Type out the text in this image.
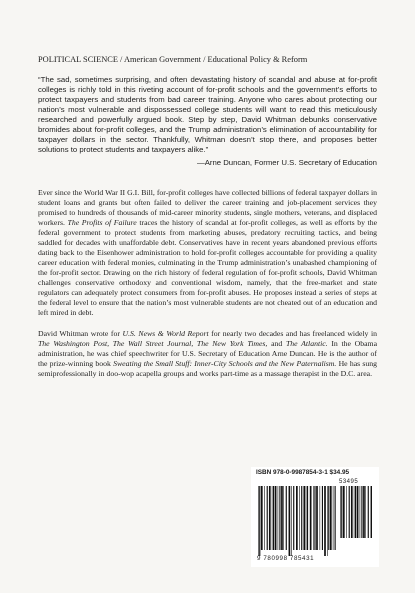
POLITICAL SCIENCE / American Government / Educational Policy & Reform

“The sad, sometimes surprising, and often devastating history of scandal and abuse at for-profit colleges is richly told in this riveting account of for-profit schools and the government’s efforts to protect taxpayers and students from bad career training. Anyone who cares about protecting our nation’s most vulnerable and dispossessed college students will want to read this meticulously researched and powerfully argued book. Step by step, David Whitman debunks conservative bromides about for-profit colleges, and the Trump administration’s elimination of accountability for taxpayer dollars in the sector. Thankfully, Whitman doesn’t stop there, and proposes better solutions to protect students and taxpayers alike.”

—Arne Duncan, Former U.S. Secretary of Education

Ever since the World War II G.I. Bill, for-profit colleges have collected billions of federal taxpayer dollars in student loans and grants but often failed to deliver the career training and job-placement services they promised to hundreds of thousands of mid-career minority students, single mothers, veterans, and displaced workers. The Profits of Failure traces the history of scandal at for-profit colleges, as well as efforts by the federal government to protect students from marketing abuses, predatory recruiting tactics, and being saddled for decades with unaffordable debt. Conservatives have in recent years abandoned previous efforts dating back to the Eisenhower administration to hold for-profit colleges accountable for providing a quality career education with federal monies, culminating in the Trump administration’s unabashed championing of the for-profit sector. Drawing on the rich history of federal regulation of for-profit schools, David Whitman challenges conservative orthodoxy and conventional wisdom, namely, that the free-market and state regulators can adequately protect consumers from for-profit abuses. He proposes instead a series of steps at the federal level to ensure that the nation’s most vulnerable students are not cheated out of an education and left mired in debt.

David Whitman wrote for U.S. News & World Report for nearly two decades and has freelanced widely in The Washington Post, The Wall Street Journal, The New York Times, and The Atlantic. In the Obama administration, he was chief speechwriter for U.S. Secretary of Education Arne Duncan. He is the author of the prize-winning book Sweating the Small Stuff: Inner-City Schools and the New Paternalism. He has sung semiprofessionally in doo-wop acapella groups and works part-time as a massage therapist in the D.C. area.

ISBN 978-0-9987854-3-1 $34.95
53495
9 780998 785431
